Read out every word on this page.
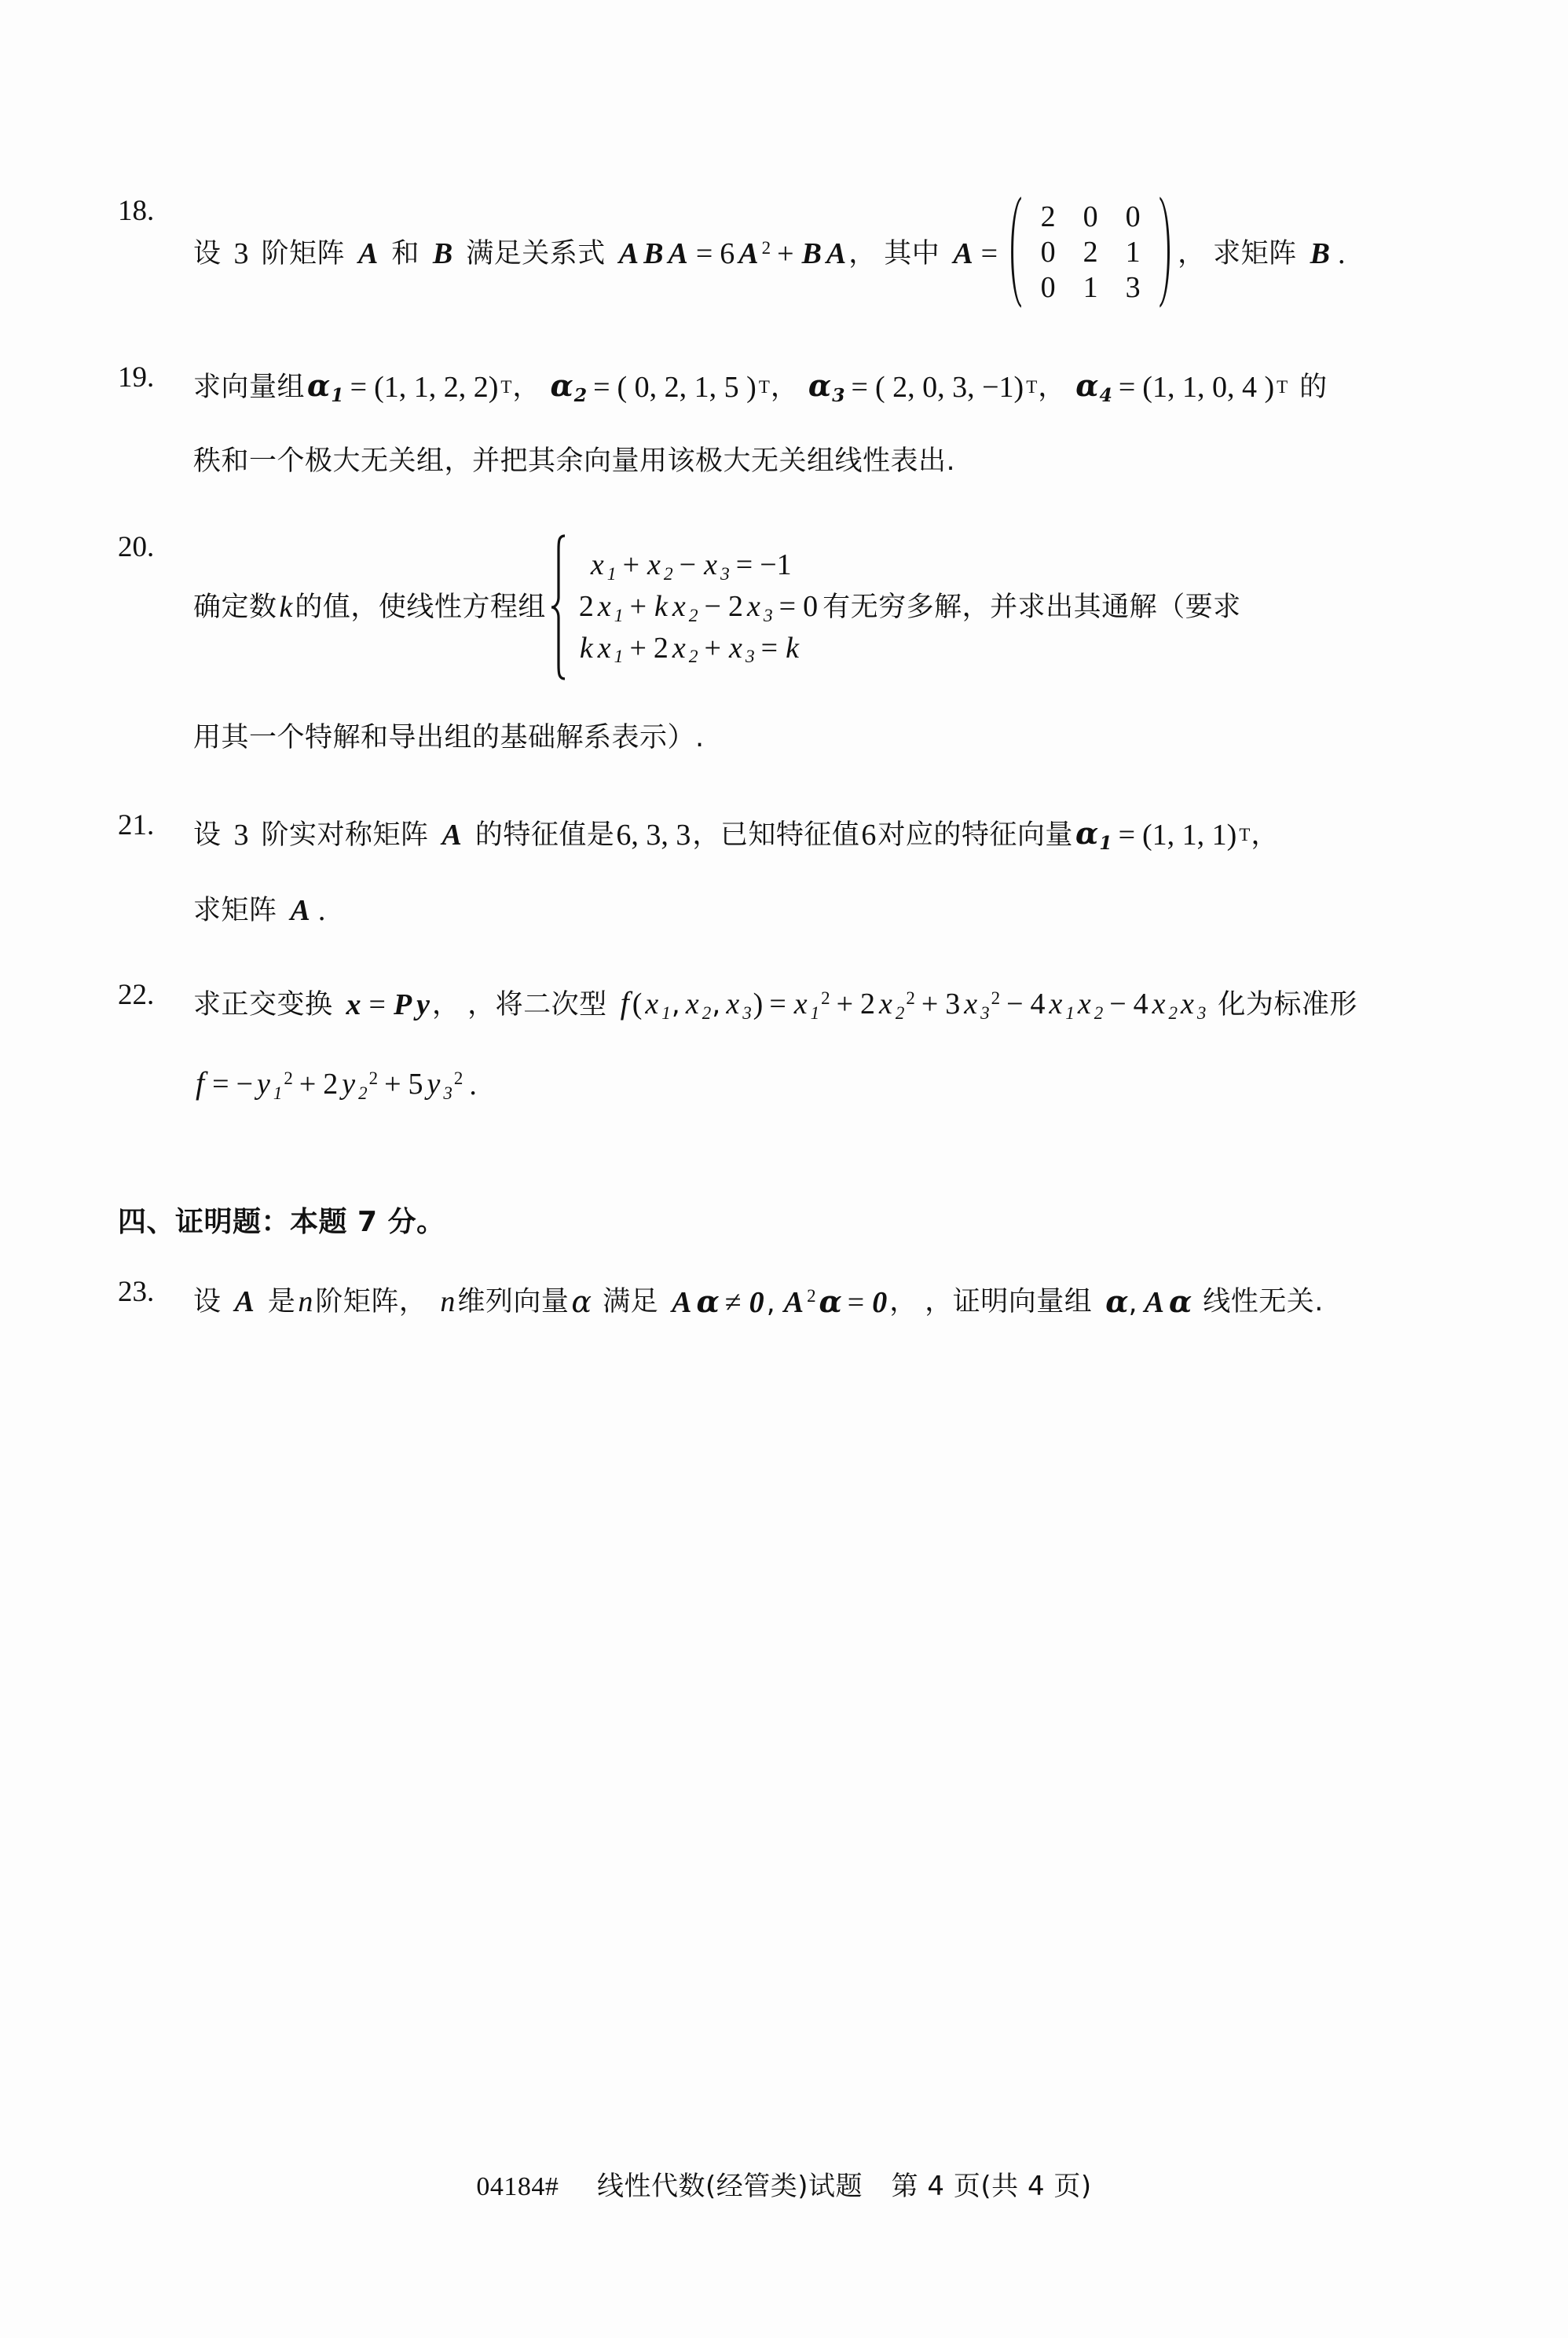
18.
设 3 阶矩阵 A 和 B 满足关系式 A B A = 6 A $^2$ + B A ， 其中 A =
2 0 0
0 2 1
0 1 3
， 求矩阵 B .
19.	求向量组 $\alpha_1 = (1$, 1, 2, 2) T ， $\alpha_2$ = ( 0, 2, 1, 5 ) T ， $\alpha_3$ = ( 2, 0, 3, −1) T ， $\alpha_4 = (1$, 1, 0, 4 ) T 的
秩和一个极大无关组，并把其余向量用该极大无关组线性表出.
20.
确定数 k 的值，使线性方程组
x $_1$ + x $_2$ − x $_3$ = −1
2 x $_1$ + k x $_2$ − 2 x $_3$ = 0
k x $_1$ + 2 x $_2$ + x $_3$ = k
有无穷多解，并求出其通解（要求
用其一个特解和导出组的基础解系表示）.
21.	设 3 阶实对称矩阵 A 的特征值是 6, 3, 3 ，已知特征值 6 对应的特征向量 $\alpha_1 = (1$, 1, 1) T ，
求矩阵 A .
22.	求正交变换 x = P y ， ，将二次型 f ( x $_1$, x $_2$, x $_3$) = x $_1^2$ + 2 x $_2^2$ + 3 x $_3^2$ − 4 x $_1$ x $_2$ − 4 x $_2$ x $_3$ 化为标准形
f = − y $_1^2$ + 2 y $_2^2$ + 5 y $_3^2$ .
四、证明题：本题 7 分。
23.	设 A 是 n 阶矩阵， n 维列向量 α 满足 A α ≠ 0, A $^2$ α = 0 ， ，证明向量组 α, A α 线性无关.
04184# 线性代数(经管类)试题 第 4 页(共 4 页)
